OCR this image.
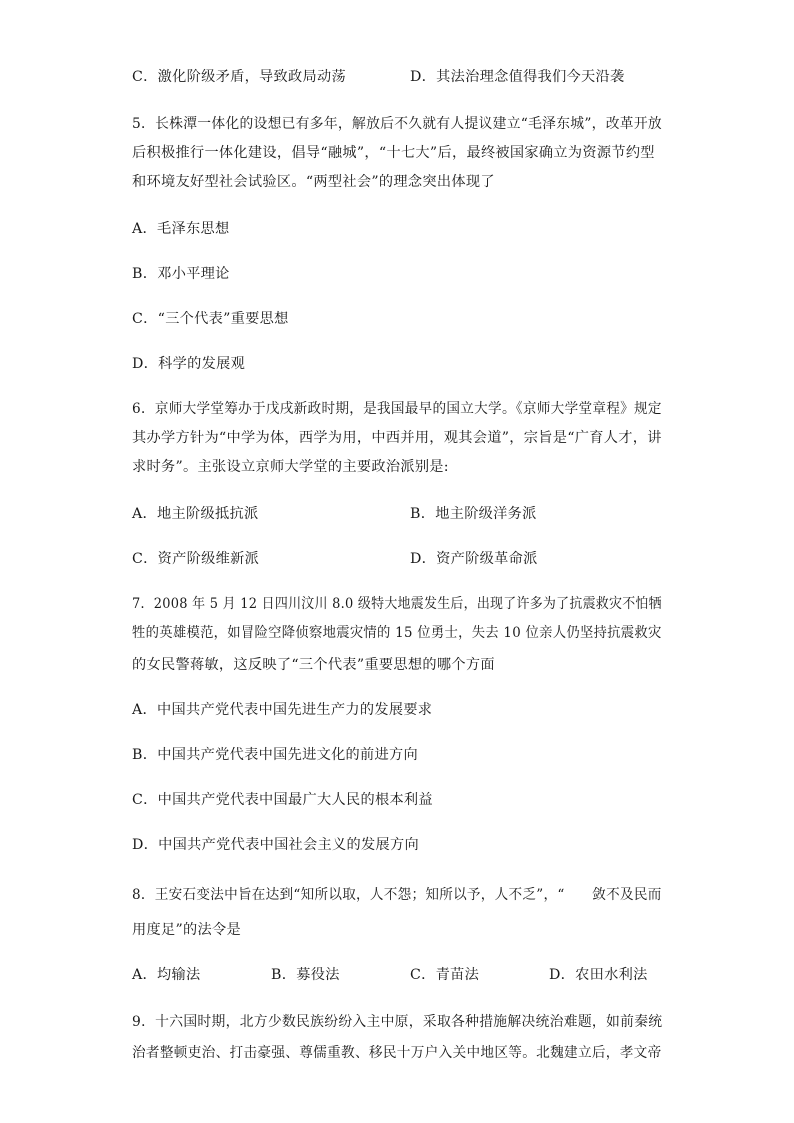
C．激化阶级矛盾，导致政局动荡	D．其法治理念值得我们今天沿袭
5．长株潭一体化的设想已有多年，解放后不久就有人提议建立“毛泽东城”，改革开放
后积极推行一体化建设，倡导“融城”，“十七大”后，最终被国家确立为资源节约型
和环境友好型社会试验区。“两型社会”的理念突出体现了
A．毛泽东思想
B．邓小平理论
C．“三个代表”重要思想
D．科学的发展观
6．京师大学堂筹办于戊戌新政时期，是我国最早的国立大学。《京师大学堂章程》规定
其办学方针为“中学为体，西学为用，中西并用，观其会道”，宗旨是“广育人才，讲
求时务”。主张设立京师大学堂的主要政治派别是:
A．地主阶级抵抗派	B．地主阶级洋务派
C．资产阶级维新派	D．资产阶级革命派
7．2008 年 5 月 12 日四川汶川 8.0 级特大地震发生后，出现了许多为了抗震救灾不怕牺
牲的英雄模范，如冒险空降侦察地震灾情的 15 位勇士，失去 10 位亲人仍坚持抗震救灾
的女民警蒋敏，这反映了“三个代表”重要思想的哪个方面
A．中国共产党代表中国先进生产力的发展要求
B．中国共产党代表中国先进文化的前进方向
C．中国共产党代表中国最广大人民的根本利益
D．中国共产党代表中国社会主义的发展方向
8．王安石变法中旨在达到“知所以取，人不怨；知所以予，人不乏”，“　　敛不及民而
用度足”的法令是
A．均输法	B．募役法	C．青苗法	D．农田水利法
9．十六国时期，北方少数民族纷纷入主中原，采取各种措施解决统治难题，如前秦统
治者整顿吏治、打击豪强、尊儒重教、移民十万户入关中地区等。北魏建立后，孝文帝
